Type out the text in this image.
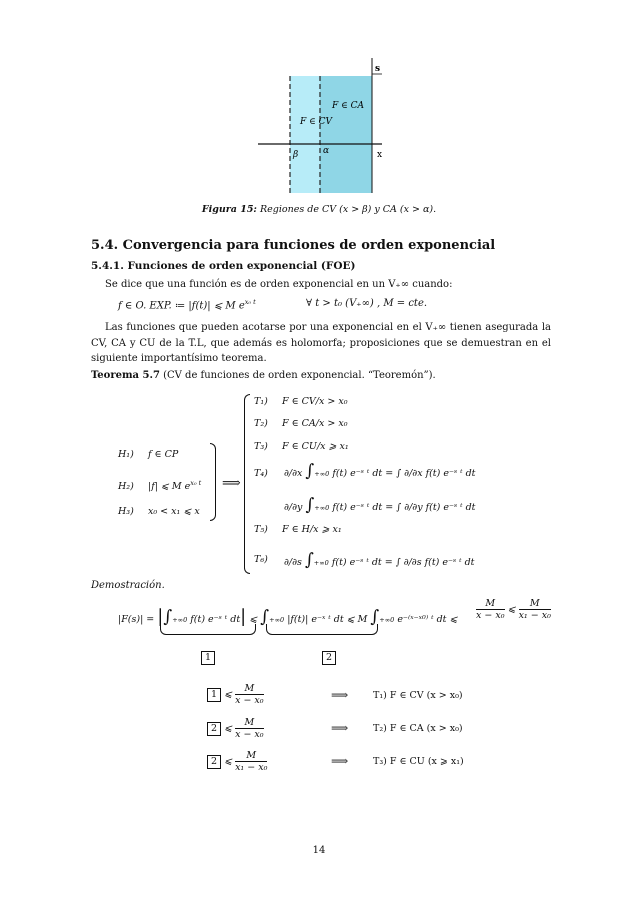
s
x
F ∈ CA
F ∈ CV
β	α
Figura 15: Regiones de CV (x > β) y CA (x > α).
5.4. Convergencia para funciones de orden exponencial
5.4.1. Funciones de orden exponencial (FOE)
Se dice que una función es de orden exponencial en un V₊∞ cuando:
f ∈ O. EXP. ≔ |f(t)| ⩽ M $e^{x_0 t}$	∀ t > t₀ (V₊∞) , M = cte.
Las funciones que pueden acotarse por una exponencial en el V₊∞ tienen asegurada la CV, CA y CU de la T.L, que además es holomorfa; proposiciones que se demuestran en el siguiente importantísimo teorema.
Teorema 5.7 (CV de funciones de orden exponencial. “Teoremón”).
H₁) f ∈ CP
H₂) |f| ⩽ M $e^{x_0 t}$
H₃) x₀ < x₁ ⩽ x
⟹
T₁) F ∈ CV/x > x₀
T₂) F ∈ CA/x > x₀
T₃) F ∈ CU/x ⩾ x₁
T₄) ∂/∂x ∫+∞0 f(t) e⁻ˢ ᵗ dt = ∫ ∂/∂x f(t) e⁻ˢ ᵗ dt
∂/∂y ∫+∞0 f(t) e⁻ˢ ᵗ dt = ∫ ∂/∂y f(t) e⁻ˢ ᵗ dt
T₅) F ∈ H/x ⩾ x₁
T₆) ∂/∂s ∫+∞0 f(t) e⁻ˢ ᵗ dt = ∫ ∂/∂s f(t) e⁻ˢ ᵗ dt
Demostración.
|F(s)| = |∫+∞0 f(t) e⁻ˢ ᵗ dt| ⩽ ∫+∞0 |f(t)| e⁻ˣ ᵗ dt ⩽ M ∫+∞0 e⁻⁽ˣ⁻ˣ⁰⁾ ᵗ dt ⩽ $\frac{M}{\text{x − x₀}}$ ⩽ $\frac{M}{\text{x₁ − x₀}}$
1	2
1 ⩽ $\frac{M}{\text{x − x₀}}$	⟹	T₁) F ∈ CV (x > x₀)
2 ⩽ $\frac{M}{\text{x − x₀}}$	⟹	T₂) F ∈ CA (x > x₀)
2 ⩽ $\frac{M}{\text{x₁ − x₀}}$	⟹	T₃) F ∈ CU (x ⩾ x₁)
14
